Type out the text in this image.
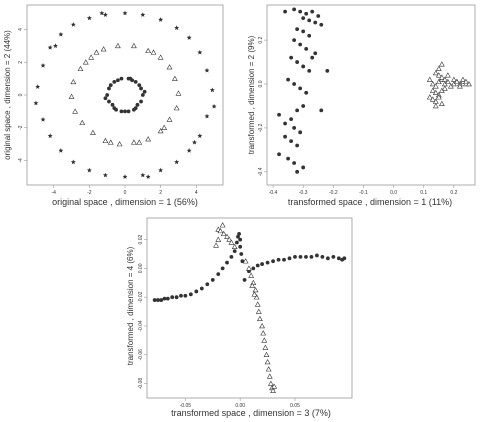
-4	-2	0	2	4
-4
-2
0
2
4
original space , dimension = 1 (56%)
original space , dimension = 2 (44%)
-0.4	-0.3	-0.2	-0.1	0.0	0.1	0.2
-0.4
-0.2
0.0
0.2
transformed space , dimension = 1 (11%)
transformed , dimension = 2 (9%)
-0.05	0.00	0.05
-0.08
-0.06
-0.04
-0.02
0.00
0.02
transformed space , dimension = 3 (7%)
transformed , dimension = 4 (6%)
